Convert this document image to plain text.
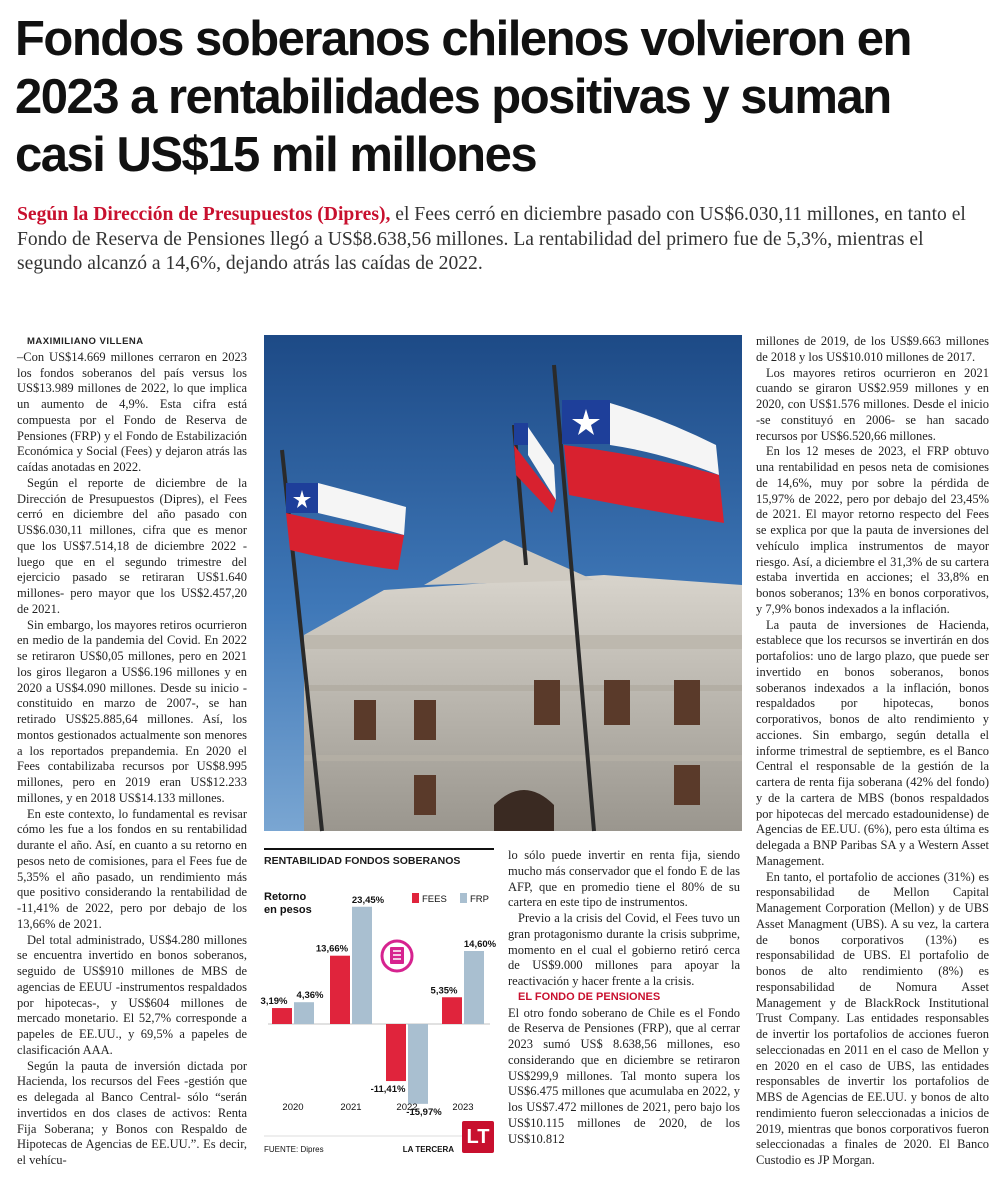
Fondos soberanos chilenos volvieron en 2023 a rentabilidades positivas y suman casi US$15 mil millones

Según la Dirección de Presupuestos (Dipres), el Fees cerró en diciembre pasado con US$6.030,11 millones, en tanto el Fondo de Reserva de Pensiones llegó a US$8.638,56 millones. La rentabilidad del primero fue de 5,3%, mientras el segundo alcanzó a 14,6%, dejando atrás las caídas de 2022.

MAXIMILIANO VILLENA

–Con US$14.669 millones cerraron en 2023 los fondos soberanos del país versus los US$13.989 millones de 2022, lo que implica un aumento de 4,9%. Esta cifra está compuesta por el Fondo de Reserva de Pensiones (FRP) y el Fondo de Estabilización Económica y Social (Fees) y dejaron atrás las caídas anotadas en 2022.

Según el reporte de diciembre de la Dirección de Presupuestos (Dipres), el Fees cerró en diciembre del año pasado con US$6.030,11 millones, cifra que es menor que los US$7.514,18 de diciembre 2022 -luego que en el segundo trimestre del ejercicio pasado se retiraran US$1.640 millones- pero mayor que los US$2.457,20 de 2021.

Sin embargo, los mayores retiros ocurrieron en medio de la pandemia del Covid. En 2022 se retiraron US$0,05 millones, pero en 2021 los giros llegaron a US$6.196 millones y en 2020 a US$4.090 millones. Desde su inicio -constituido en marzo de 2007-, se han retirado US$25.885,64 millones. Así, los montos gestionados actualmente son menores a los reportados prepandemia. En 2020 el Fees contabilizaba recursos por US$8.995 millones, pero en 2019 eran US$12.233 millones, y en 2018 US$14.133 millones.

En este contexto, lo fundamental es revisar cómo les fue a los fondos en su rentabilidad durante el año. Así, en cuanto a su retorno en pesos neto de comisiones, para el Fees fue de 5,35% el año pasado, un rendimiento más que positivo considerando la rentabilidad de -11,41% de 2022, pero por debajo de los 13,66% de 2021.

Del total administrado, US$4.280 millones se encuentra invertido en bonos soberanos, seguido de US$910 millones de MBS de agencias de EEUU -instrumentos respaldados por hipotecas-, y US$604 millones de mercado monetario. El 52,7% corresponde a papeles de EE.UU., y 69,5% a papeles de clasificación AAA.

Según la pauta de inversión dictada por Hacienda, los recursos del Fees -gestión que es delegada al Banco Central- sólo “serán invertidos en dos clases de activos: Renta Fija Soberana; y Bonos con Respaldo de Hipotecas de Agencias de EE.UU.”. Es decir, el vehícu-

RENTABILIDAD FONDOS SOBERANOS
Retorno
en pesos
FEES FRP
3,19%
4,36%
2020
13,66%
23,45%
2021
-11,41%
-15,97%
2022
5,35%
14,60%
2023
FUENTE: Dipres	LA TERCERA
LT

lo sólo puede invertir en renta fija, siendo mucho más conservador que el fondo E de las AFP, que en promedio tiene el 80% de su cartera en este tipo de instrumentos.

Previo a la crisis del Covid, el Fees tuvo un gran protagonismo durante la crisis subprime, momento en el cual el gobierno retiró cerca de US$9.000 millones para apoyar la reactivación y hacer frente a la crisis.

EL FONDO DE PENSIONES

El otro fondo soberano de Chile es el Fondo de Reserva de Pensiones (FRP), que al cerrar 2023 sumó US$ 8.638,56 millones, eso considerando que en diciembre se retiraron US$299,9 millones. Tal monto supera los US$6.475 millones que acumulaba en 2022, y los US$7.472 millones de 2021, pero bajo los US$10.115 millones de 2020, de los US$10.812

millones de 2019, de los US$9.663 millones de 2018 y los US$10.010 millones de 2017.

Los mayores retiros ocurrieron en 2021 cuando se giraron US$2.959 millones y en 2020, con US$1.576 millones. Desde el inicio -se constituyó en 2006- se han sacado recursos por US$6.520,66 millones.

En los 12 meses de 2023, el FRP obtuvo una rentabilidad en pesos neta de comisiones de 14,6%, muy por sobre la pérdida de 15,97% de 2022, pero por debajo del 23,45% de 2021. El mayor retorno respecto del Fees se explica por que la pauta de inversiones del vehículo implica instrumentos de mayor riesgo. Así, a diciembre el 31,3% de su cartera estaba invertida en acciones; el 33,8% en bonos soberanos; 13% en bonos corporativos, y 7,9% bonos indexados a la inflación.

La pauta de inversiones de Hacienda, establece que los recursos se invertirán en dos portafolios: uno de largo plazo, que puede ser invertido en bonos soberanos, bonos soberanos indexados a la inflación, bonos respaldados por hipotecas, bonos corporativos, bonos de alto rendimiento y acciones. Sin embargo, según detalla el informe trimestral de septiembre, es el Banco Central el responsable de la gestión de la cartera de renta fija soberana (42% del fondo) y de la cartera de MBS (bonos respaldados por hipotecas del mercado estadounidense) de Agencias de EE.UU. (6%), pero esta última es delegada a BNP Paribas SA y a Western Asset Management.

En tanto, el portafolio de acciones (31%) es responsabilidad de Mellon Capital Management Corporation (Mellon) y de UBS Asset Managment (UBS). A su vez, la cartera de bonos corporativos (13%) es responsabilidad de UBS. El portafolio de bonos de alto rendimiento (8%) es responsabilidad de Nomura Asset Management y de BlackRock Institutional Trust Company. Las entidades responsables de invertir los portafolios de acciones fueron seleccionadas en 2011 en el caso de Mellon y en 2020 en el caso de UBS, las entidades responsables de invertir los portafolios de MBS de Agencias de EE.UU. y bonos de alto rendimiento fueron seleccionadas a inicios de 2019, mientras que bonos corporativos fueron seleccionadas a finales de 2020. El Banco Custodio es JP Morgan.
